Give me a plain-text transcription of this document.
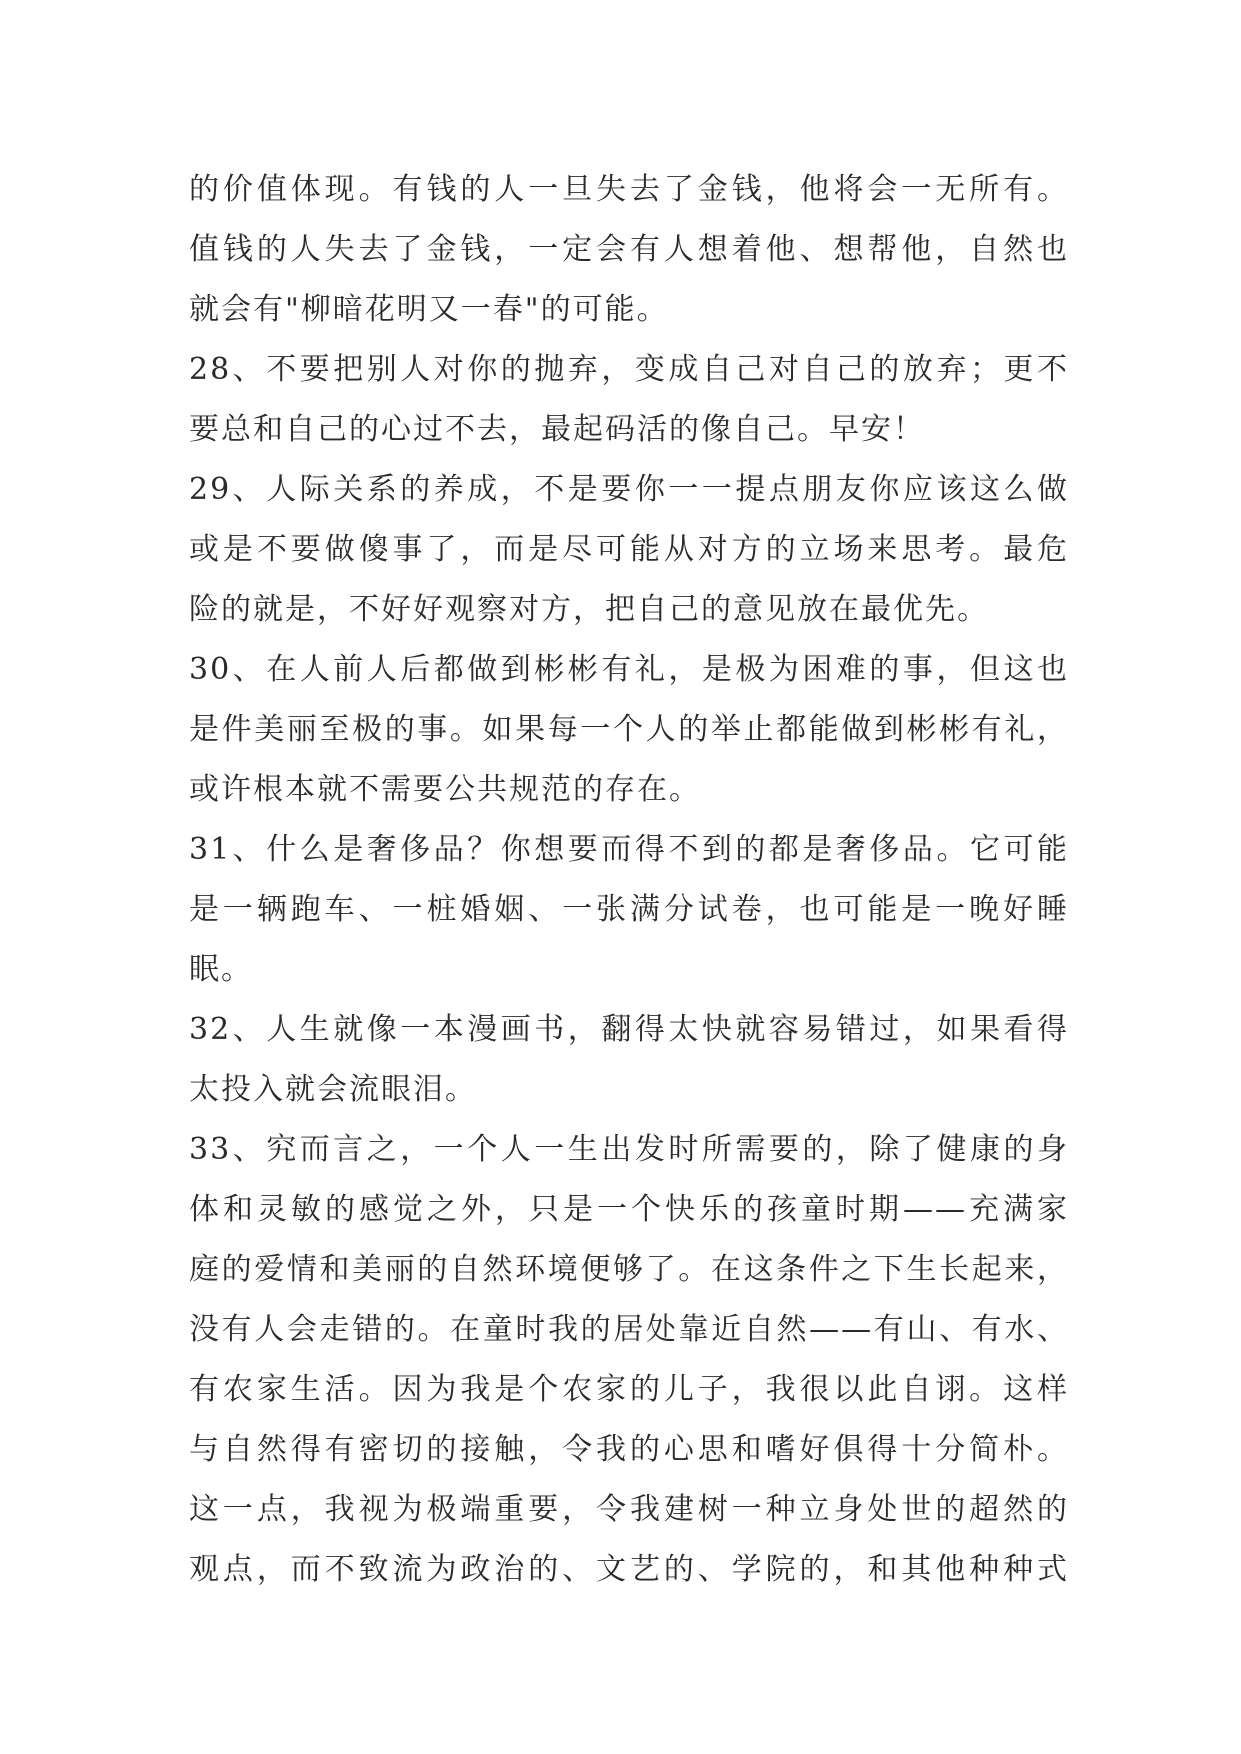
的价值体现。有钱的人一旦失去了金钱，他将会一无所有。
值钱的人失去了金钱，一定会有人想着他、想帮他，自然也
就会有"柳暗花明又一春"的可能。
28、不要把别人对你的抛弃，变成自己对自己的放弃；更不
要总和自己的心过不去，最起码活的像自己。早安！
29、人际关系的养成，不是要你一一提点朋友你应该这么做
或是不要做傻事了，而是尽可能从对方的立场来思考。最危
险的就是，不好好观察对方，把自己的意见放在最优先。
30、在人前人后都做到彬彬有礼，是极为困难的事，但这也
是件美丽至极的事。如果每一个人的举止都能做到彬彬有礼，
或许根本就不需要公共规范的存在。
31、什么是奢侈品？你想要而得不到的都是奢侈品。它可能
是一辆跑车、一桩婚姻、一张满分试卷，也可能是一晚好睡
眠。
32、人生就像一本漫画书，翻得太快就容易错过，如果看得
太投入就会流眼泪。
33、究而言之，一个人一生出发时所需要的，除了健康的身
体和灵敏的感觉之外，只是一个快乐的孩童时期——充满家
庭的爱情和美丽的自然环境便够了。在这条件之下生长起来，
没有人会走错的。在童时我的居处靠近自然——有山、有水、
有农家生活。因为我是个农家的儿子，我很以此自诩。这样
与自然得有密切的接触，令我的心思和嗜好俱得十分简朴。
这一点，我视为极端重要，令我建树一种立身处世的超然的
观点，而不致流为政治的、文艺的、学院的，和其他种种式
